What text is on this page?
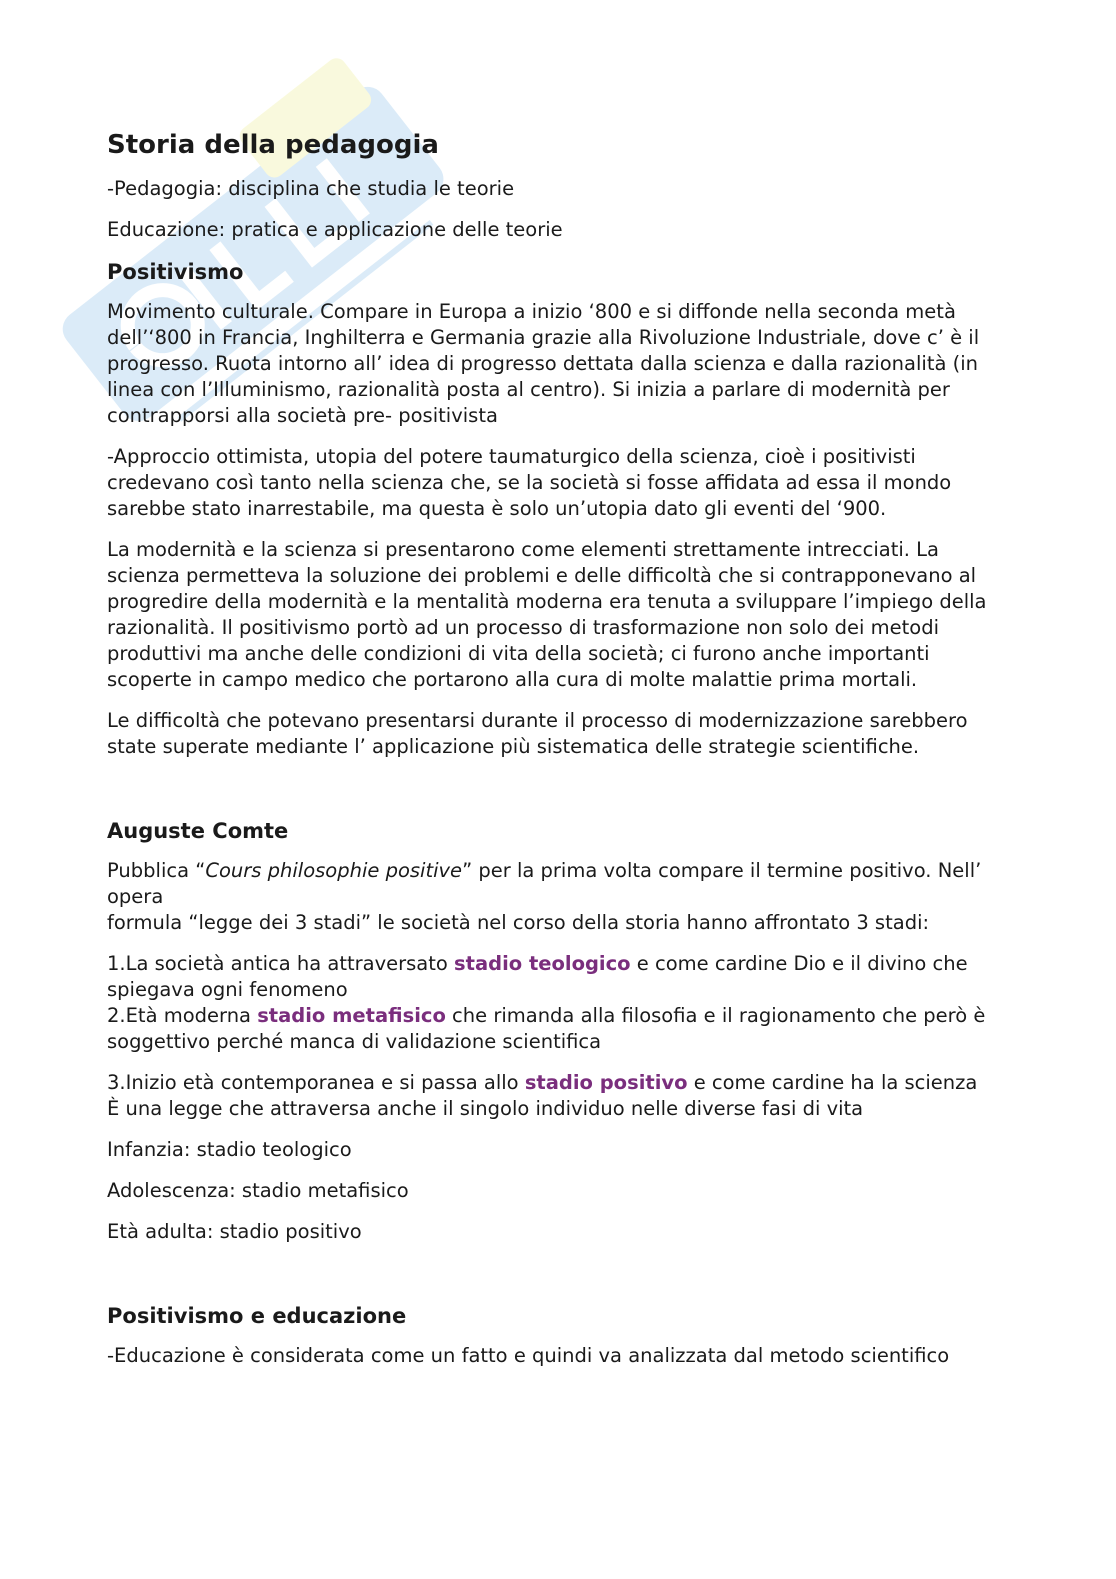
Storia della pedagogia

-Pedagogia: disciplina che studia le teorie

Educazione: pratica e applicazione delle teorie

Positivismo

Movimento culturale. Compare in Europa a inizio ‘800 e si diffonde nella seconda metà dell’‘800 in Francia, Inghilterra e Germania grazie alla Rivoluzione Industriale, dove c’ è il progresso. Ruota intorno all’ idea di progresso dettata dalla scienza e dalla razionalità (in linea con l’Illuminismo, razionalità posta al centro). Si inizia a parlare di modernità per contrapporsi alla società pre- positivista

-Approccio ottimista, utopia del potere taumaturgico della scienza, cioè i positivisti credevano così tanto nella scienza che, se la società si fosse affidata ad essa il mondo sarebbe stato inarrestabile, ma questa è solo un’utopia dato gli eventi del ‘900.

La modernità e la scienza si presentarono come elementi strettamente intrecciati. La scienza permetteva la soluzione dei problemi e delle difficoltà che si contrapponevano al progredire della modernità e la mentalità moderna era tenuta a sviluppare l’impiego della razionalità. Il positivismo portò ad un processo di trasformazione non solo dei metodi produttivi ma anche delle condizioni di vita della società; ci furono anche importanti scoperte in campo medico che portarono alla cura di molte malattie prima mortali.

Le difficoltà che potevano presentarsi durante il processo di modernizzazione sarebbero state superate mediante l’ applicazione più sistematica delle strategie scientifiche.

Auguste Comte

Pubblica “Cours philosophie positive” per la prima volta compare il termine positivo. Nell’ opera
formula “legge dei 3 stadi” le società nel corso della storia hanno affrontato 3 stadi:

1.La società antica ha attraversato stadio teologico e come cardine Dio e il divino che spiegava ogni fenomeno
2.Età moderna stadio metafisico che rimanda alla filosofia e il ragionamento che però è soggettivo perché manca di validazione scientifica

3.Inizio età contemporanea e si passa allo stadio positivo e come cardine ha la scienza
È una legge che attraversa anche il singolo individuo nelle diverse fasi di vita

Infanzia: stadio teologico

Adolescenza: stadio metafisico

Età adulta: stadio positivo

Positivismo e educazione

-Educazione è considerata come un fatto e quindi va analizzata dal metodo scientifico
